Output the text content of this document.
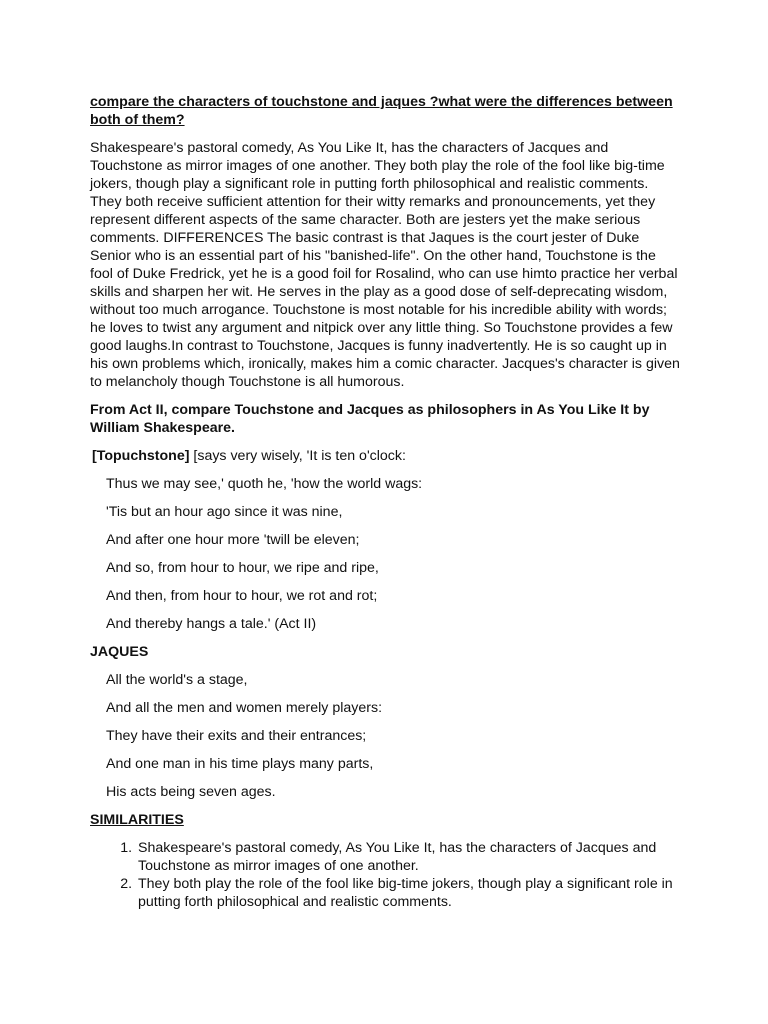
compare the characters of touchstone and jaques ?what were the differences between both of them?

Shakespeare's pastoral comedy, As You Like It, has the characters of Jacques and Touchstone as mirror images of one another. They both play the role of the fool like big-time jokers, though play a significant role in putting forth philosophical and realistic comments. They both receive sufficient attention for their witty remarks and pronouncements, yet they represent different aspects of the same character. Both are jesters yet the make serious comments. DIFFERENCES The basic contrast is that Jaques is the court jester of Duke Senior who is an essential part of his "banished-life". On the other hand, Touchstone is the fool of Duke Fredrick, yet he is a good foil for Rosalind, who can use himto practice her verbal skills and sharpen her wit. He serves in the play as a good dose of self-deprecating wisdom, without too much arrogance. Touchstone is most notable for his incredible ability with words; he loves to twist any argument and nitpick over any little thing. So Touchstone provides a few good laughs.In contrast to Touchstone, Jacques is funny inadvertently. He is so caught up in his own problems which, ironically, makes him a comic character. Jacques's character is given to melancholy though Touchstone is all humorous.

From Act II, compare Touchstone and Jacques as philosophers in As You Like It by William Shakespeare.

[Topuchstone] [says very wisely, 'It is ten o'clock:

Thus we may see,' quoth he, 'how the world wags:

'Tis but an hour ago since it was nine,

And after one hour more 'twill be eleven;

And so, from hour to hour, we ripe and ripe,

And then, from hour to hour, we rot and rot;

And thereby hangs a tale.' (Act II)

JAQUES

All the world's a stage,

And all the men and women merely players:

They have their exits and their entrances;

And one man in his time plays many parts,

His acts being seven ages.

SIMILARITIES

1. Shakespeare's pastoral comedy, As You Like It, has the characters of Jacques and Touchstone as mirror images of one another.
2. They both play the role of the fool like big-time jokers, though play a significant role in putting forth philosophical and realistic comments.
